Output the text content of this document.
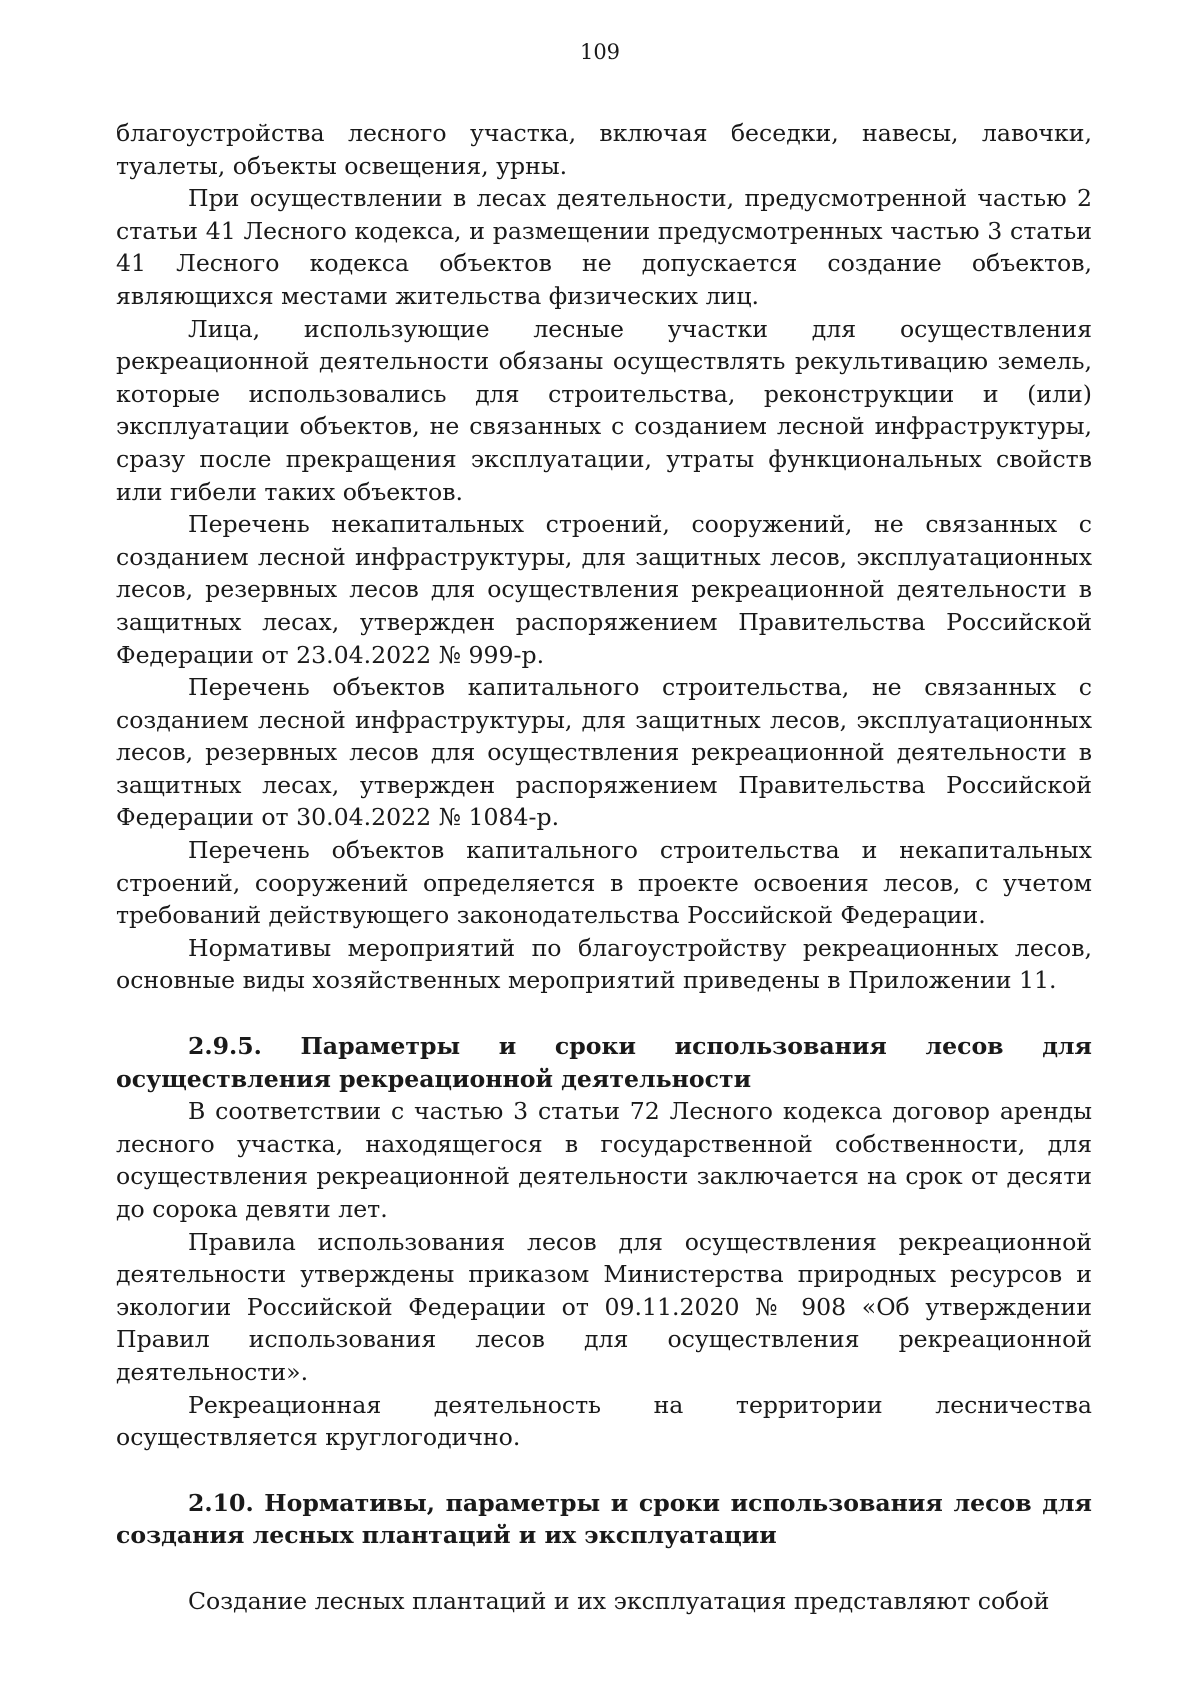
109

благоустройства лесного участка, включая беседки, навесы, лавочки, туалеты, объекты освещения, урны.

При осуществлении в лесах деятельности, предусмотренной частью 2 статьи 41 Лесного кодекса, и размещении предусмотренных частью 3 статьи 41 Лесного кодекса объектов не допускается создание объектов, являющихся местами жительства физических лиц.

Лица, использующие лесные участки для осуществления рекреационной деятельности обязаны осуществлять рекультивацию земель, которые использовались для строительства, реконструкции и (или) эксплуатации объектов, не связанных с созданием лесной инфраструктуры, сразу после прекращения эксплуатации, утраты функциональных свойств или гибели таких объектов.

Перечень некапитальных строений, сооружений, не связанных с созданием лесной инфраструктуры, для защитных лесов, эксплуатационных лесов, резервных лесов для осуществления рекреационной деятельности в защитных лесах, утвержден распоряжением Правительства Российской Федерации от 23.04.2022 № 999-р.

Перечень объектов капитального строительства, не связанных с созданием лесной инфраструктуры, для защитных лесов, эксплуатационных лесов, резервных лесов для осуществления рекреационной деятельности в защитных лесах, утвержден распоряжением Правительства Российской Федерации от 30.04.2022 № 1084-р.

Перечень объектов капитального строительства и некапитальных строений, сооружений определяется в проекте освоения лесов, с учетом требований действующего законодательства Российской Федерации.

Нормативы мероприятий по благоустройству рекреационных лесов, основные виды хозяйственных мероприятий приведены в Приложении 11.

2.9.5. Параметры и сроки использования лесов для осуществления рекреационной деятельности

В соответствии с частью 3 статьи 72 Лесного кодекса договор аренды лесного участка, находящегося в государственной собственности, для осуществления рекреационной деятельности заключается на срок от десяти до сорока девяти лет.

Правила использования лесов для осуществления рекреационной деятельности утверждены приказом Министерства природных ресурсов и экологии Российской Федерации от 09.11.2020 № 908 «Об утверждении Правил использования лесов для осуществления рекреационной деятельности».

Рекреационная деятельность на территории лесничества осуществляется круглогодично.

2.10. Нормативы, параметры и сроки использования лесов для создания лесных плантаций и их эксплуатации

Создание лесных плантаций и их эксплуатация представляют собой
